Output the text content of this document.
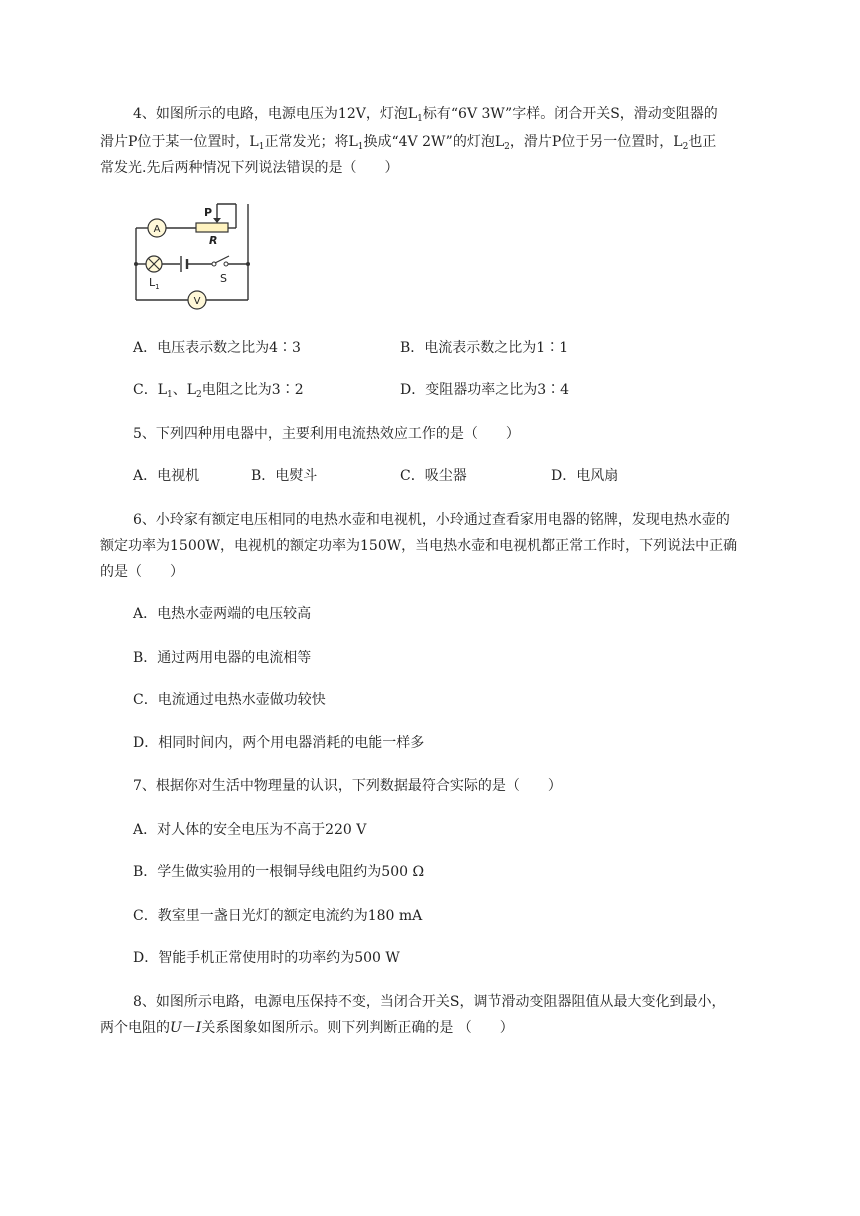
4、如图所示的电路，电源电压为12V，灯泡$L_1$标有“6V 3W”字样。闭合开关S，滑动变阻器的
滑片P位于某一位置时，$L_1$正常发光；将$L_1$换成“4V 2W”的灯泡$L_2$，滑片P位于另一位置时，$L_2$也正
常发光.先后两种情况下列说法错误的是（　　）
A
P
R
$L_1$
S
V
A．电压表示数之比为4∶3	B．电流表示数之比为1∶1
C．$L_1$、$L_2$电阻之比为3∶2	D．变阻器功率之比为3∶4
5、下列四种用电器中，主要利用电流热效应工作的是（　　）
A．电视机	B．电熨斗	C．吸尘器	D．电风扇
6、小玲家有额定电压相同的电热水壶和电视机，小玲通过查看家用电器的铭牌，发现电热水壶的
额定功率为1500W，电视机的额定功率为150W，当电热水壶和电视机都正常工作时，下列说法中正确
的是（　　）
A．电热水壶两端的电压较高
B．通过两用电器的电流相等
C．电流通过电热水壶做功较快
D．相同时间内，两个用电器消耗的电能一样多
7、根据你对生活中物理量的认识，下列数据最符合实际的是（　　）
A．对人体的安全电压为不高于220 V
B．学生做实验用的一根铜导线电阻约为500 Ω
C．教室里一盏日光灯的额定电流约为180 mA
D．智能手机正常使用时的功率约为500 W
8、如图所示电路，电源电压保持不变，当闭合开关S，调节滑动变阻器阻值从最大变化到最小，
两个电阻的U－I关系图象如图所示。则下列判断正确的是 （　　）
